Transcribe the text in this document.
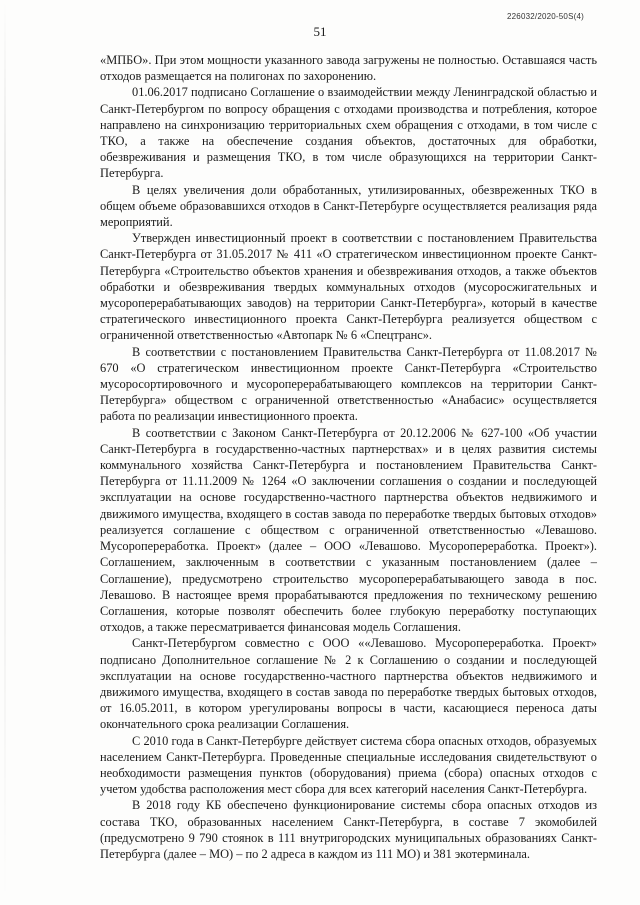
51
226032/2020-50S(4)

«МПБО». При этом мощности указанного завода загружены не полностью. Оставшаяся часть отходов размещается на полигонах по захоронению.

01.06.2017 подписано Соглашение о взаимодействии между Ленинградской областью и Санкт-Петербургом по вопросу обращения с отходами производства и потребления, которое направлено на синхронизацию территориальных схем обращения с отходами, в том числе с ТКО, а также на обеспечение создания объектов, достаточных для обработки, обезвреживания и размещения ТКО, в том числе образующихся на территории Санкт-Петербурга.

В целях увеличения доли обработанных, утилизированных, обезвреженных ТКО в общем объеме образовавшихся отходов в Санкт-Петербурге осуществляется реализация ряда мероприятий.

Утвержден инвестиционный проект в соответствии с постановлением Правительства Санкт-Петербурга от 31.05.2017 № 411 «О стратегическом инвестиционном проекте Санкт-Петербурга «Строительство объектов хранения и обезвреживания отходов, а также объектов обработки и обезвреживания твердых коммунальных отходов (мусоросжигательных и мусороперерабатывающих заводов) на территории Санкт-Петербурга», который в качестве стратегического инвестиционного проекта Санкт-Петербурга реализуется обществом с ограниченной ответственностью «Автопарк № 6 «Спецтранс».

В соответствии с постановлением Правительства Санкт-Петербурга от 11.08.2017 № 670 «О стратегическом инвестиционном проекте Санкт-Петербурга «Строительство мусоросортировочного и мусороперерабатывающего комплексов на территории Санкт-Петербурга» обществом с ограниченной ответственностью «Анабасис» осуществляется работа по реализации инвестиционного проекта.

В соответствии с Законом Санкт-Петербурга от 20.12.2006 № 627-100 «Об участии Санкт-Петербурга в государственно-частных партнерствах» и в целях развития системы коммунального хозяйства Санкт-Петербурга и постановлением Правительства Санкт-Петербурга от 11.11.2009 № 1264 «О заключении соглашения о создании и последующей эксплуатации на основе государственно-частного партнерства объектов недвижимого и движимого имущества, входящего в состав завода по переработке твердых бытовых отходов» реализуется соглашение с обществом с ограниченной ответственностью «Левашово. Мусоропереработка. Проект» (далее – ООО «Левашово. Мусоропереработка. Проект»). Соглашением, заключенным в соответствии с указанным постановлением (далее – Соглашение), предусмотрено строительство мусороперерабатывающего завода в пос. Левашово. В настоящее время прорабатываются предложения по техническому решению Соглашения, которые позволят обеспечить более глубокую переработку поступающих отходов, а также пересматривается финансовая модель Соглашения.

Санкт-Петербургом совместно с ООО ««Левашово. Мусоропереработка. Проект» подписано Дополнительное соглашение № 2 к Соглашению о создании и последующей эксплуатации на основе государственно-частного партнерства объектов недвижимого и движимого имущества, входящего в состав завода по переработке твердых бытовых отходов, от 16.05.2011, в котором урегулированы вопросы в части, касающиеся переноса даты окончательного срока реализации Соглашения.

С 2010 года в Санкт-Петербурге действует система сбора опасных отходов, образуемых населением Санкт-Петербурга. Проведенные специальные исследования свидетельствуют о необходимости размещения пунктов (оборудования) приема (сбора) опасных отходов с учетом удобства расположения мест сбора для всех категорий населения Санкт-Петербурга.

В 2018 году КБ обеспечено функционирование системы сбора опасных отходов из состава ТКО, образованных населением Санкт-Петербурга, в составе 7 экомобилей (предусмотрено 9 790 стоянок в 111 внутригородских муниципальных образованиях Санкт-Петербурга (далее – МО) – по 2 адреса в каждом из 111 МО) и 381 экотерминала.
